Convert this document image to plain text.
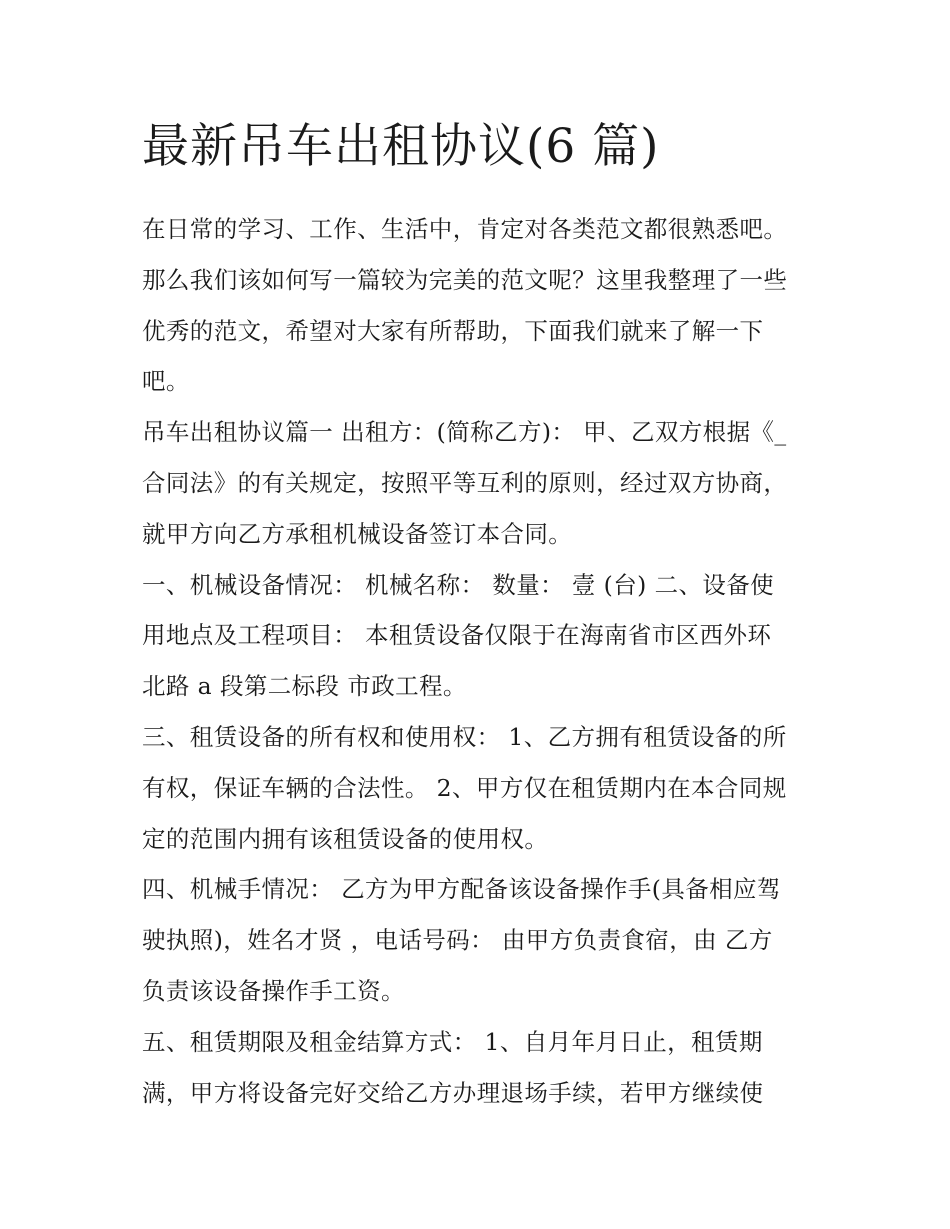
最新吊车出租协议(6 篇)

在日常的学习、工作、生活中，肯定对各类范文都很熟悉吧。

那么我们该如何写一篇较为完美的范文呢？这里我整理了一些

优秀的范文，希望对大家有所帮助，下面我们就来了解一下

吧。

吊车出租协议篇一 出租方：(简称乙方)： 甲、乙双方根据《_

合同法》的有关规定，按照平等互利的原则，经过双方协商，

就甲方向乙方承租机械设备签订本合同。

一、机械设备情况： 机械名称： 数量： 壹 (台) 二、设备使

用地点及工程项目： 本租赁设备仅限于在海南省市区西外环

北路 a 段第二标段 市政工程。

三、租赁设备的所有权和使用权： 1、乙方拥有租赁设备的所

有权，保证车辆的合法性。 2、甲方仅在租赁期内在本合同规

定的范围内拥有该租赁设备的使用权。

四、机械手情况： 乙方为甲方配备该设备操作手(具备相应驾

驶执照)，姓名才贤 ，电话号码： 由甲方负责食宿，由 乙方

负责该设备操作手工资。

五、租赁期限及租金结算方式： 1、自月年月日止，租赁期

满，甲方将设备完好交给乙方办理退场手续，若甲方继续使
